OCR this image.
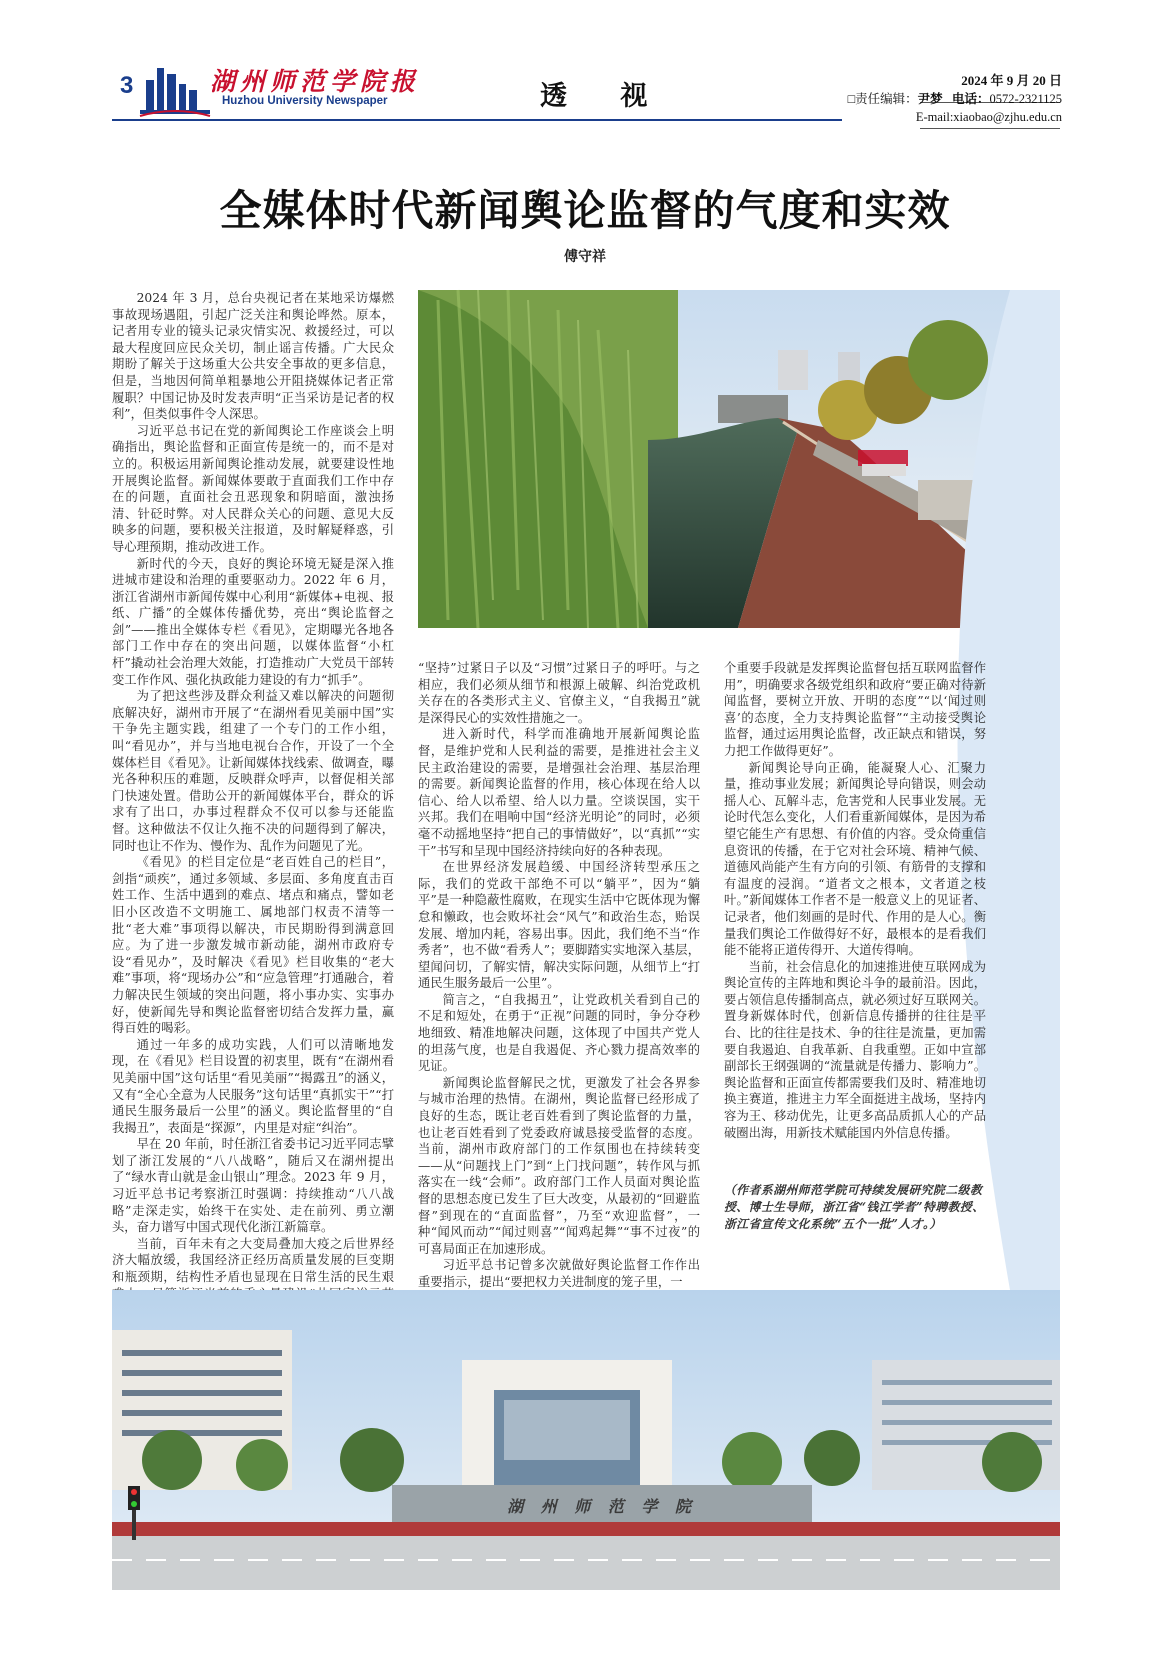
3	湖州师范学院报
Huzhou University Newspaper	透 视
2024 年 9 月 20 日
□责任编辑：尹梦 电话：0572-2321125
E-mail:xiaobao@zjhu.edu.cn
全媒体时代新闻舆论监督的气度和实效
傅守祥

2024 年 3 月，总台央视记者在某地采访爆燃事故现场遇阻，引起广泛关注和舆论哗然。原本，记者用专业的镜头记录灾情实况、救援经过，可以最大程度回应民众关切，制止谣言传播。广大民众期盼了解关于这场重大公共安全事故的更多信息，但是，当地因何简单粗暴地公开阻挠媒体记者正常履职？中国记协及时发表声明“正当采访是记者的权利”，但类似事件令人深思。

习近平总书记在党的新闻舆论工作座谈会上明确指出，舆论监督和正面宣传是统一的，而不是对立的。积极运用新闻舆论推动发展，就要建设性地开展舆论监督。新闻媒体要敢于直面我们工作中存在的问题，直面社会丑恶现象和阴暗面，激浊扬清、针砭时弊。对人民群众关心的问题、意见大反映多的问题，要积极关注报道，及时解疑释惑，引导心理预期，推动改进工作。

新时代的今天，良好的舆论环境无疑是深入推进城市建设和治理的重要驱动力。2022 年 6 月，浙江省湖州市新闻传媒中心利用“新媒体+电视、报纸、广播”的全媒体传播优势，亮出“舆论监督之剑”——推出全媒体专栏《看见》，定期曝光各地各部门工作中存在的突出问题，以媒体监督“小杠杆”撬动社会治理大效能，打造推动广大党员干部转变工作作风、强化执政能力建设的有力“抓手”。

为了把这些涉及群众利益又难以解决的问题彻底解决好，湖州市开展了“在湖州看见美丽中国”实干争先主题实践，组建了一个专门的工作小组，叫“看见办”，并与当地电视台合作，开设了一个全媒体栏目《看见》。让新闻媒体找线索、做调查，曝光各种积压的难题，反映群众呼声，以督促相关部门快速处置。借助公开的新闻媒体平台，群众的诉求有了出口，办事过程群众不仅可以参与还能监督。这种做法不仅让久拖不决的问题得到了解决，同时也让不作为、慢作为、乱作为问题见了光。

《看见》的栏目定位是“老百姓自己的栏目”，剑指“顽疾”，通过多领域、多层面、多角度直击百姓工作、生活中遇到的难点、堵点和痛点，譬如老旧小区改造不文明施工、属地部门权责不清等一批“老大难”事项得以解决，市民期盼得到满意回应。为了进一步激发城市新动能，湖州市政府专设“看见办”，及时解决《看见》栏目收集的“老大难”事项，将“现场办公”和“应急管理”打通融合，着力解决民生领域的突出问题，将小事办实、实事办好，使新闻先导和舆论监督密切结合发挥力量，赢得百姓的喝彩。

通过一年多的成功实践，人们可以清晰地发现，在《看见》栏目设置的初衷里，既有“在湖州看见美丽中国”这句话里“看见美丽”“揭露丑”的涵义，又有“全心全意为人民服务”这句话里“真抓实干”“打通民生服务最后一公里”的涵义。舆论监督里的“自我揭丑”，表面是“探源”，内里是对症“纠治”。

早在 20 年前，时任浙江省委书记习近平同志擘划了浙江发展的“八八战略”，随后又在湖州提出了“绿水青山就是金山银山”理念。2023 年 9 月，习近平总书记考察浙江时强调：持续推动“八八战略”走深走实，始终干在实处、走在前列、勇立潮头，奋力谱写中国式现代化浙江新篇章。

当前，百年未有之大变局叠加大疫之后世界经济大幅放缓，我国经济正经历高质量发展的巨变期和瓶颈期，结构性矛盾也显现在日常生活的民生艰

“坚持”过紧日子以及“习惯”过紧日子的呼吁。与之相应，我们必须从细节和根源上破解、纠治党政机关存在的各类形式主义、官僚主义，“自我揭丑”就是深得民心的实效性措施之一。

进入新时代，科学而准确地开展新闻舆论监督，是维护党和人民利益的需要，是推进社会主义民主政治建设的需要，是增强社会治理、基层治理的需要。新闻舆论监督的作用，核心体现在给人以信心、给人以希望、给人以力量。空谈误国，实干兴邦。我们在唱响中国“经济光明论”的同时，必须毫不动摇地坚持“把自己的事情做好”，以“真抓”“实干”书写和呈现中国经济持续向好的各种表现。

在世界经济发展趋缓、中国经济转型承压之际，我们的党政干部绝不可以“躺平”，因为“躺平”是一种隐蔽性腐败，在现实生活中它既体现为懈怠和懒政，也会败坏社会“风气”和政治生态，贻误发展、增加内耗，容易出事。因此，我们绝不当“作秀者”，也不做“看秀人”；要脚踏实实地深入基层，望闻问切，了解实情，解决实际问题，从细节上“打通民生服务最后一公里”。

简言之，“自我揭丑”，让党政机关看到自己的不足和短处，在勇于“正视”问题的同时，争分夺秒地细致、精准地解决问题，这体现了中国共产党人的坦荡气度，也是自我遏促、齐心戮力提高效率的见证。

新闻舆论监督解民之忧，更激发了社会各界参与城市治理的热情。在湖州，舆论监督已经形成了良好的生态，既让老百姓看到了舆论监督的力量，也让老百姓看到了党委政府诚恳接受监督的态度。当前，湖州市政府部门的工作氛围也在持续转变——从“问题找上门”到“上门找问题”，转作风与抓落实在一线“会师”。政府部门工作人员面对舆论监督的思想态度已发生了巨大改变，从最初的“回避监督”到现在的“直面监督”，乃至“欢迎监督”，一种“闻风而动”“闻过则喜”“闻鸡起舞”“事不过夜”的可喜局面正在加速形成。

习近平总书记曾多次就做好舆论监督工作作出重要指示，提出“要把权力关进制度的笼子里，一

个重要手段就是发挥舆论监督包括互联网监督作用”，明确要求各级党组织和政府“要正确对待新闻监督，要树立开放、开明的态度”“以‘闻过则喜’的态度，全力支持舆论监督”“主动接受舆论监督，通过运用舆论监督，改正缺点和错误，努力把工作做得更好”。

新闻舆论导向正确，能凝聚人心、汇聚力量，推动事业发展；新闻舆论导向错误，则会动摇人心、瓦解斗志，危害党和人民事业发展。无论时代怎么变化，人们看重新闻媒体，是因为希望它能生产有思想、有价值的内容。受众倚重信息资讯的传播，在于它对社会环境、精神气候、道德风尚能产生有方向的引领、有筋骨的支撑和有温度的浸润。“道者文之根本，文者道之枝叶。”新闻媒体工作者不是一般意义上的见证者、记录者，他们刻画的是时代、作用的是人心。衡量我们舆论工作做得好不好，最根本的是看我们能不能将正道传得开、大道传得响。

当前，社会信息化的加速推进使互联网成为舆论宣传的主阵地和舆论斗争的最前沿。因此，要占领信息传播制高点，就必须过好互联网关。置身新媒体时代，创新信息传播拼的往往是平台、比的往往是技术、争的往往是流量，更加需要自我遏迫、自我革新、自我重塑。正如中宣部副部长王纲强调的“流量就是传播力、影响力”。舆论监督和正面宣传都需要我们及时、精准地切换主赛道，推进主力军全面挺进主战场，坚持内容为王、移动优先，让更多高品质抓人心的产品破圈出海，用新技术赋能国内外信息传播。

（作者系湖州师范学院可持续发展研究院二级教授、博士生导师，浙江省“钱江学者”特聘教授、浙江省宣传文化系统“五个一批”人才。）
湖 州 师 范 学 院
